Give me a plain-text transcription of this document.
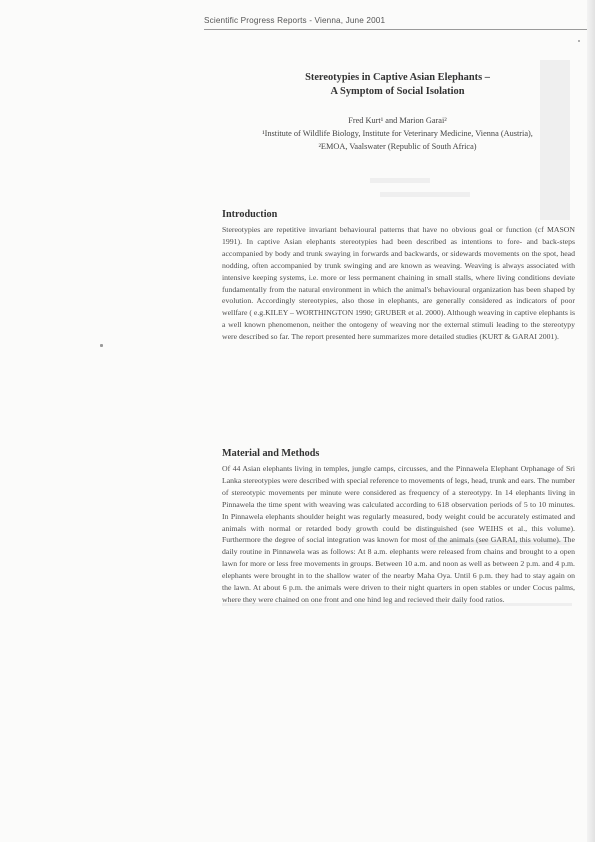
Scientific Progress Reports - Vienna, June 2001
Stereotypies in Captive Asian Elephants –
A Symptom of Social Isolation
Fred Kurt¹ and Marion Garai²
¹Institute of Wildlife Biology, Institute for Veterinary Medicine, Vienna (Austria),
²EMOA, Vaalswater (Republic of South Africa)
Introduction

Stereotypies are repetitive invariant behavioural patterns that have no obvious goal or function (cf MASON 1991). In captive Asian elephants stereotypies had been described as intentions to fore- and back-steps accompanied by body and trunk swaying in forwards and backwards, or sidewards movements on the spot, head nodding, often accompanied by trunk swinging and are known as weaving. Weaving is always associated with intensive keeping systems, i.e. more or less permanent chaining in small stalls, where living conditions deviate fundamentally from the natural environment in which the animal's behavioural organization has been shaped by evolution. Accordingly stereotypies, also those in elephants, are generally considered as indicators of poor wellfare ( e.g.KILEY – WORTHINGTON 1990; GRUBER et al. 2000). Although weaving in captive elephants is a well known phenomenon, neither the ontogeny of weaving nor the external stimuli leading to the stereotypy were described so far. The report presented here summarizes more detailed studies (KURT & GARAI 2001).

Material and Methods

Of 44 Asian elephants living in temples, jungle camps, circusses, and the Pinnawela Elephant Orphanage of Sri Lanka stereotypies were described with special reference to movements of legs, head, trunk and ears. The number of stereotypic movements per minute were considered as frequency of a stereotypy. In 14 elephants living in Pinnawela the time spent with weaving was calculated according to 618 observation periods of 5 to 10 minutes. In Pinnawela elephants shoulder height was regularly measured, body weight could be accurately estimated and animals with normal or retarded body growth could be distinguished (see WEIHS et al., this volume). Furthermore the degree of social integration was known for most of the animals (see GARAI, this volume). The daily routine in Pinnawela was as follows: At 8 a.m. elephants were released from chains and brought to a open lawn for more or less free movements in groups. Between 10 a.m. and noon as well as between 2 p.m. and 4 p.m. elephants were brought in to the shallow water of the nearby Maha Oya. Until 6 p.m. they had to stay again on the lawn. At about 6 p.m. the animals were driven to their night quarters in open stables or under Cocus palms, where they were chained on one front and one hind leg and recieved their daily food ratios.
